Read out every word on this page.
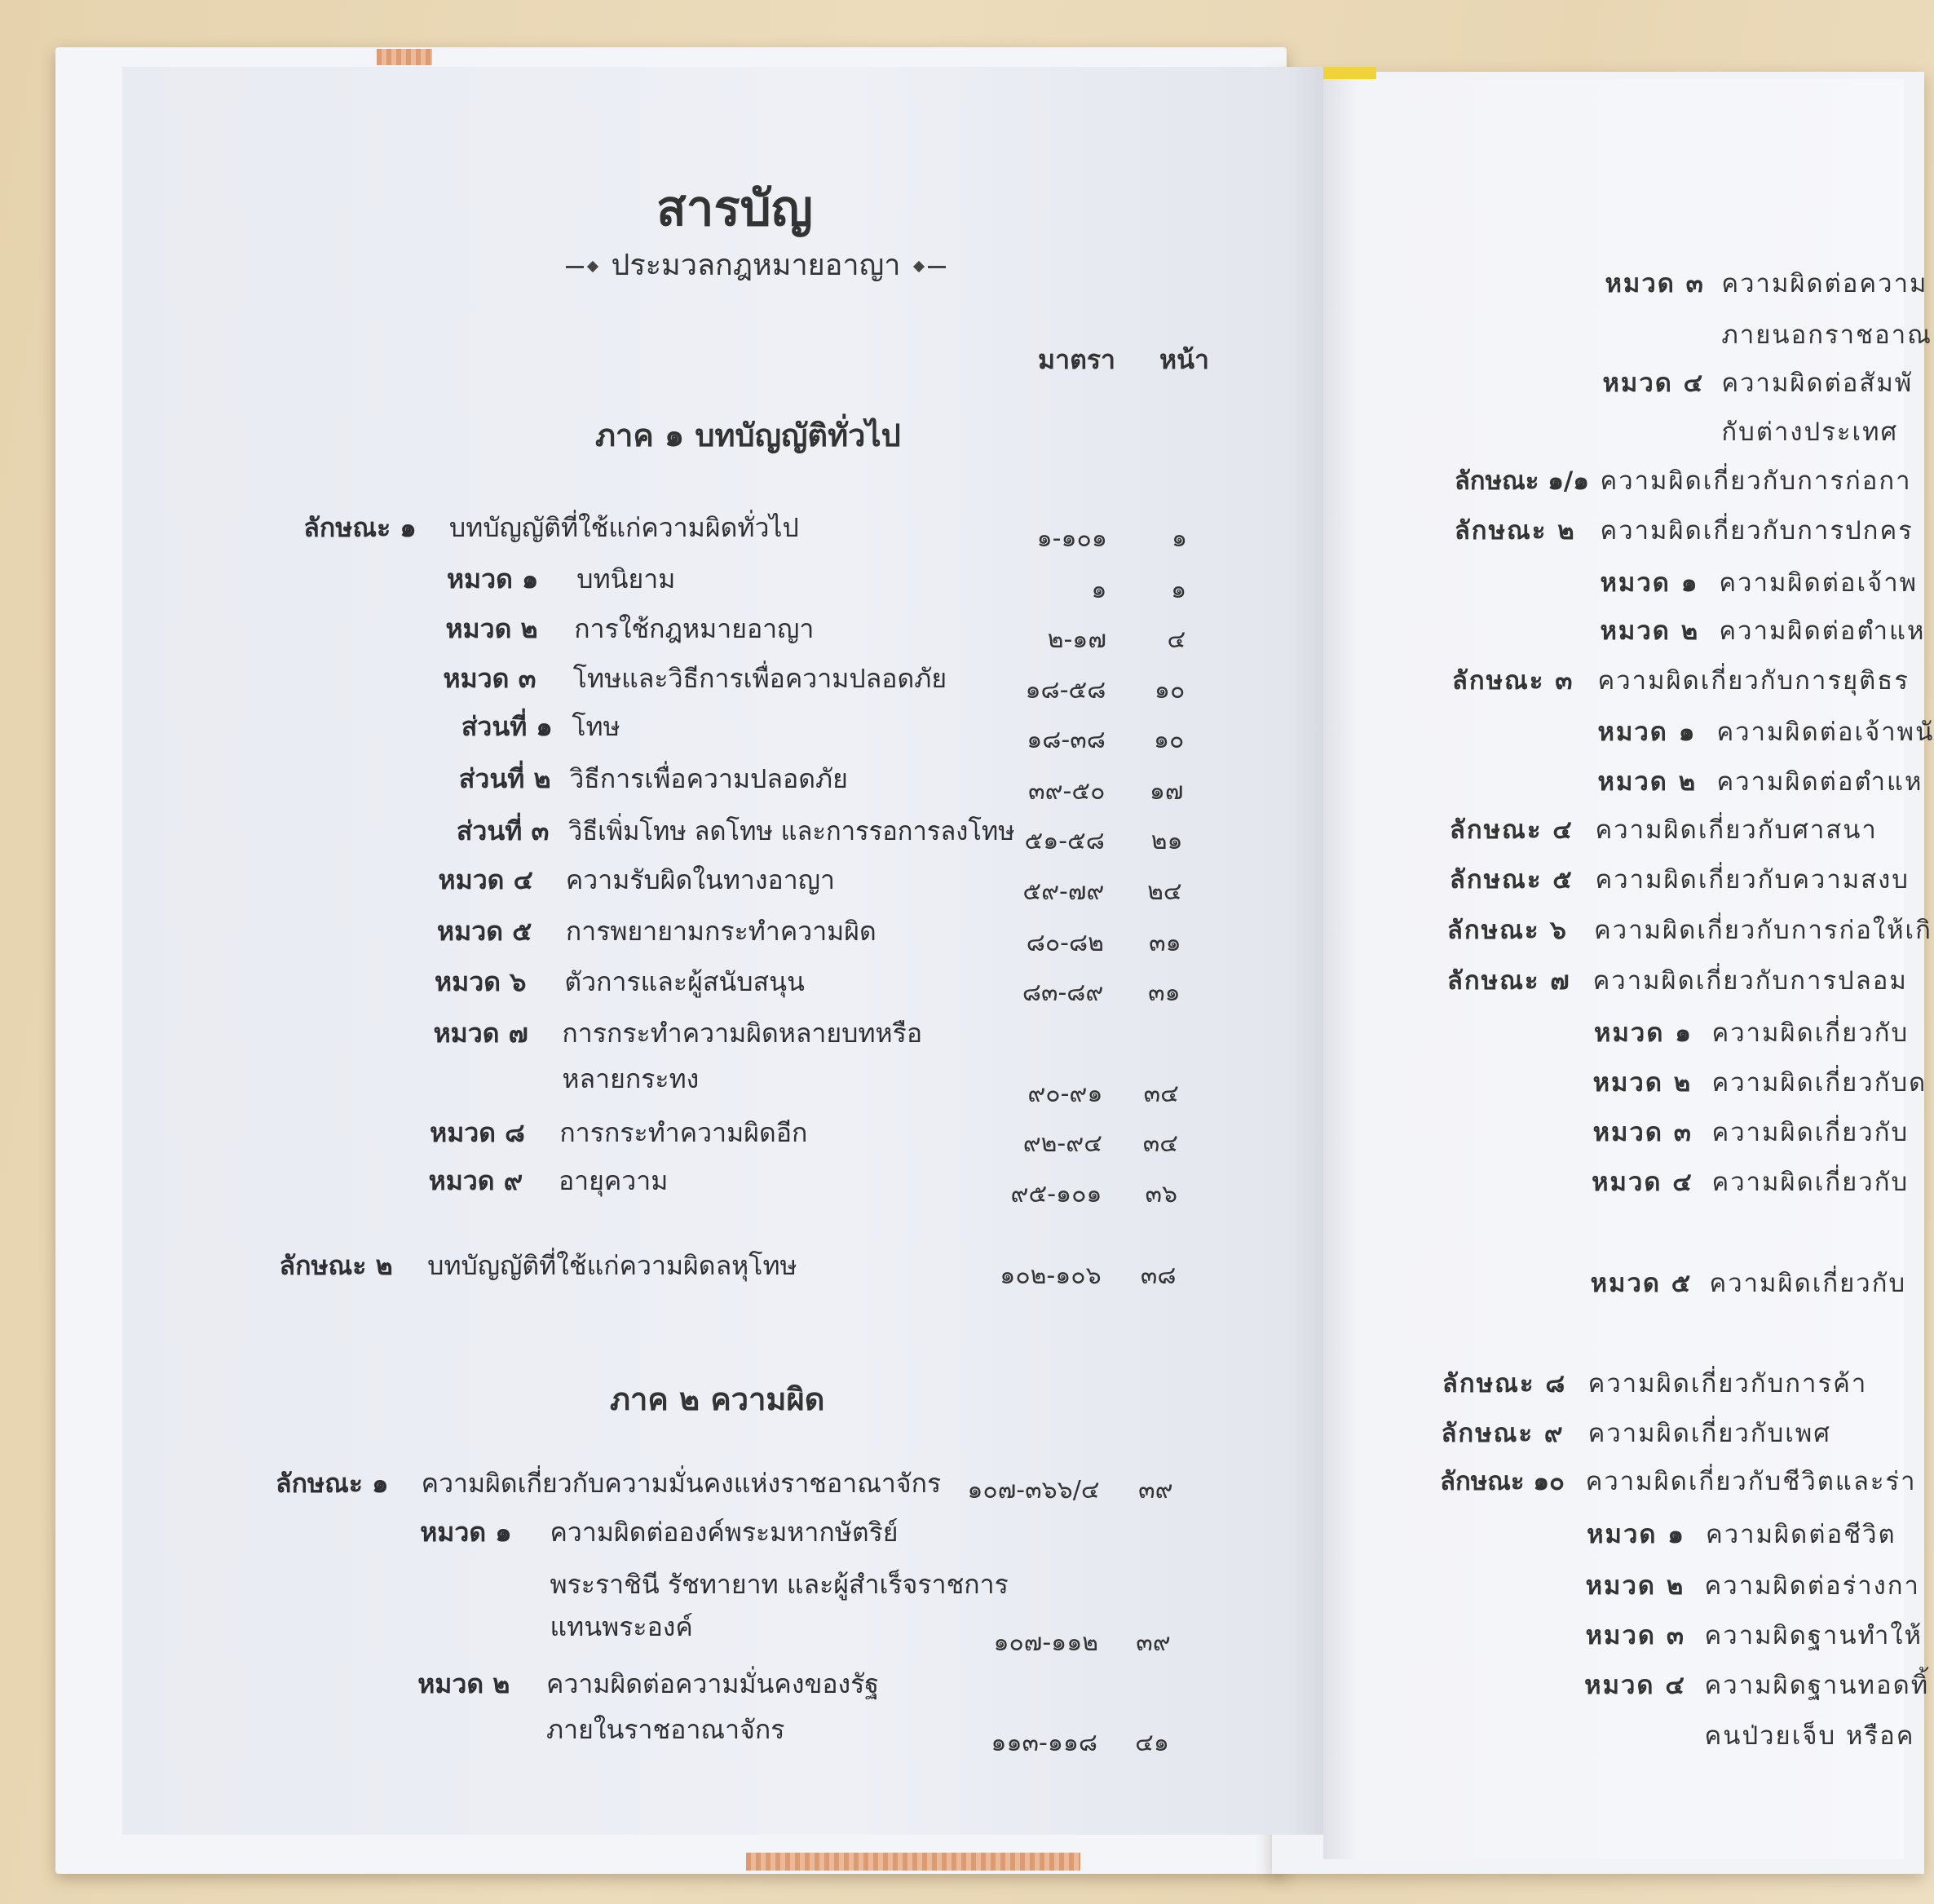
สารบัญ
ประมวลกฎหมายอาญา
มาตรา หน้า
ภาค ๑ บทบัญญัติทั่วไป
ภาค ๒ ความผิด
ลักษณะ ๑ บทบัญญัติที่ใช้แก่ความผิดทั่วไป	๑-๑๐๑	๑
หมวด ๑ บทนิยาม	๑	๑
หมวด ๒ การใช้กฎหมายอาญา	๒-๑๗ ๔
หมวด ๓ โทษและวิธีการเพื่อความปลอดภัย	๑๘-๕๘ ๑๐
ส่วนที่ ๑ โทษ	๑๘-๓๘ ๑๐
ส่วนที่ ๒ วิธีการเพื่อความปลอดภัย	๓๙-๕๐ ๑๗
ส่วนที่ ๓ วิธีเพิ่มโทษ ลดโทษ และการรอการลงโทษ ๕๑-๕๘ ๒๑
หมวด ๔ ความรับผิดในทางอาญา	๕๙-๗๙ ๒๔
หมวด ๕ การพยายามกระทำความผิด	๘๐-๘๒ ๓๑
หมวด ๖ ตัวการและผู้สนับสนุน	๘๓-๘๙ ๓๑
หมวด ๗ การกระทำความผิดหลายบทหรือ
หลายกระทง	๙๐-๙๑ ๓๔
หมวด ๘ การกระทำความผิดอีก	๙๒-๙๔ ๓๔
หมวด ๙ อายุความ	๙๕-๑๐๑ ๓๖
ลักษณะ ๒ บทบัญญัติที่ใช้แก่ความผิดลหุโทษ	๑๐๒-๑๐๖ ๓๘
ลักษณะ ๑ ความผิดเกี่ยวกับความมั่นคงแห่งราชอาณาจักร ๑๐๗-๓๖๖/๔ ๓๙
หมวด ๑ ความผิดต่อองค์พระมหากษัตริย์
พระราชินี รัชทายาท และผู้สำเร็จราชการ
แทนพระองค์
๑๐๗-๑๑๒ ๓๙
หมวด ๒ ความผิดต่อความมั่นคงของรัฐ
ภายในราชอาณาจักร	๑๑๓-๑๑๘ ๔๑
หมวด ๓ ความผิดต่อความ
ภายนอกราชอาณ
หมวด ๔ ความผิดต่อสัมพั
กับต่างประเทศ
ลักษณะ ๑/๑ ความผิดเกี่ยวกับการก่อกา
ลักษณะ ๒ ความผิดเกี่ยวกับการปกคร
หมวด ๑ ความผิดต่อเจ้าพ
หมวด ๒ ความผิดต่อตำแห
ลักษณะ ๓ ความผิดเกี่ยวกับการยุติธร
หมวด ๑ ความผิดต่อเจ้าพนั
หมวด ๒ ความผิดต่อตำแห
ลักษณะ ๔ ความผิดเกี่ยวกับศาสนา
ลักษณะ ๕ ความผิดเกี่ยวกับความสงบ
ลักษณะ ๖ ความผิดเกี่ยวกับการก่อให้เกิ
ลักษณะ ๗ ความผิดเกี่ยวกับการปลอม
หมวด ๑ ความผิดเกี่ยวกับ
หมวด ๒ ความผิดเกี่ยวกับด
หมวด ๓ ความผิดเกี่ยวกับ
หมวด ๔ ความผิดเกี่ยวกับ
หมวด ๕ ความผิดเกี่ยวกับ
ลักษณะ ๘ ความผิดเกี่ยวกับการค้า
ลักษณะ ๙ ความผิดเกี่ยวกับเพศ
ลักษณะ ๑๐ ความผิดเกี่ยวกับชีวิตและร่า
หมวด ๑ ความผิดต่อชีวิต
หมวด ๒ ความผิดต่อร่างกา
หมวด ๓ ความผิดฐานทำให้
หมวด ๔ ความผิดฐานทอดทิ้
คนป่วยเจ็บ หรือค
